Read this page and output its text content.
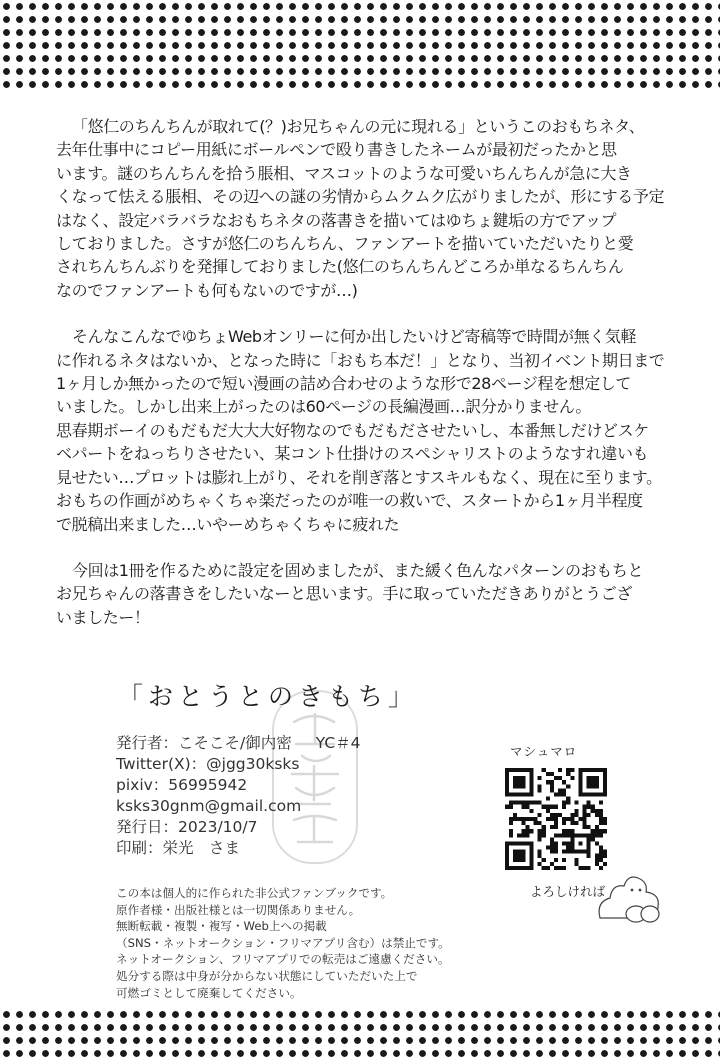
「悠仁のちんちんが取れて(？)お兄ちゃんの元に現れる」というこのおもちネタ、
去年仕事中にコピー用紙にボールペンで殴り書きしたネームが最初だったかと思
います。謎のちんちんを拾う脹相、マスコットのような可愛いちんちんが急に大き
くなって怯える脹相、その辺への謎の劣情からムクムク広がりましたが、形にする予定
はなく、設定バラバラなおもちネタの落書きを描いてはゆちょ鍵垢の方でアップ
しておりました。さすが悠仁のちんちん、ファンアートを描いていただいたりと愛
されちんちんぶりを発揮しておりました(悠仁のちんちんどころか単なるちんちん
なのでファンアートも何もないのですが…)
そんなこんなでゆちょWebオンリーに何か出したいけど寄稿等で時間が無く気軽
に作れるネタはないか、となった時に「おもち本だ！」となり、当初イベント期日まで
1ヶ月しか無かったので短い漫画の詰め合わせのような形で28ページ程を想定して
いました。しかし出来上がったのは60ページの長編漫画…訳分かりません。
思春期ボーイのもだもだ大大大好物なのでもだもださせたいし、本番無しだけどスケ
ベパートをねっちりさせたい、某コント仕掛けのスペシャリストのようなすれ違いも
見せたい…プロットは膨れ上がり、それを削ぎ落とすスキルもなく、現在に至ります。
おもちの作画がめちゃくちゃ楽だったのが唯一の救いで、スタートから1ヶ月半程度
で脱稿出来ました…いやーめちゃくちゃに疲れた
今回は1冊を作るために設定を固めましたが、また緩く色んなパターンのおもちと
お兄ちゃんの落書きをしたいなーと思います。手に取っていただきありがとうござ
いましたー！
「おとうとのきもち」
発行者：こそこそ/御内密 YC＃4
Twitter(X)：@jgg30ksks
pixiv：56995942
ksks30gnm@gmail.com
発行日：2023/10/7
印刷：栄光　さま
マシュマロ
よろしければ
この本は個人的に作られた非公式ファンブックです。
原作者様・出版社様とは一切関係ありません。
無断転載・複製・複写・Web上への掲載
（SNS・ネットオークション・フリマアプリ含む）は禁止です。
ネットオークション、フリマアプリでの転売はご遠慮ください。
処分する際は中身が分からない状態にしていただいた上で
可燃ゴミとして廃棄してください。
